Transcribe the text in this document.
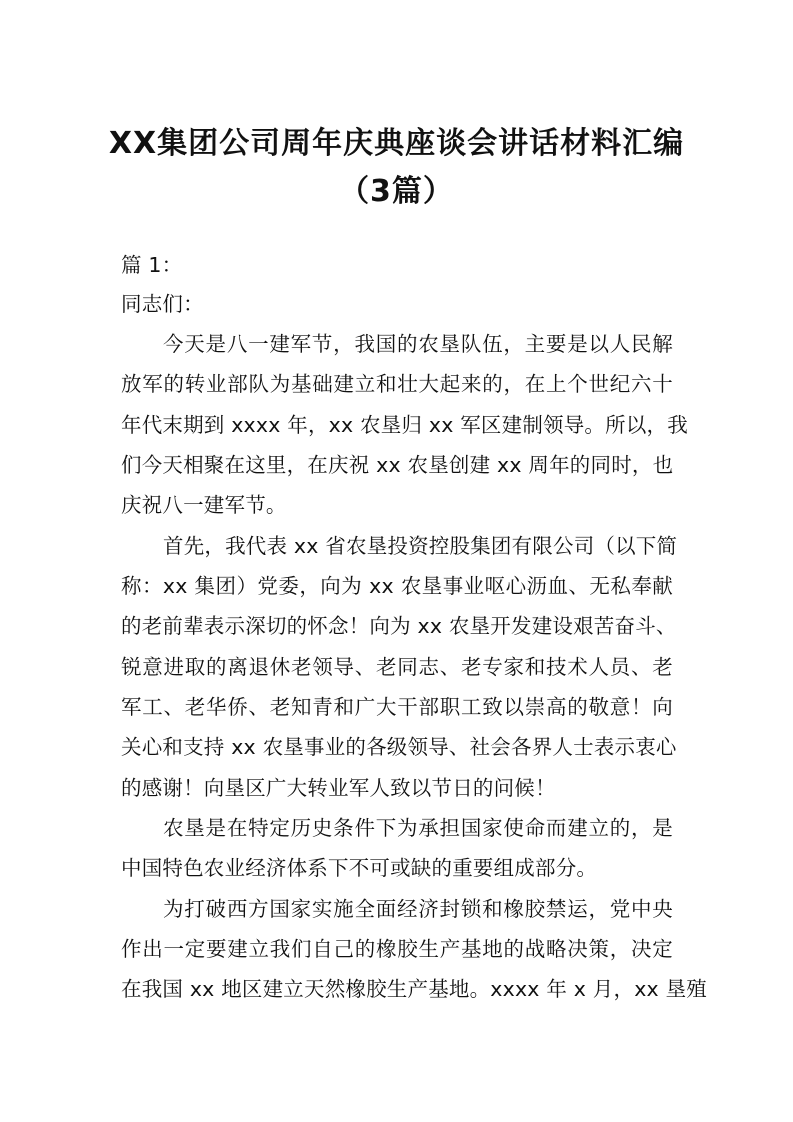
XX集团公司周年庆典座谈会讲话材料汇编
（3篇）
篇 1：
同志们：
今天是八一建军节，我国的农垦队伍，主要是以人民解
放军的转业部队为基础建立和壮大起来的，在上个世纪六十
年代末期到 xxxx 年，xx 农垦归 xx 军区建制领导。所以，我
们今天相聚在这里，在庆祝 xx 农垦创建 xx 周年的同时，也
庆祝八一建军节。
首先，我代表 xx 省农垦投资控股集团有限公司（以下简
称：xx 集团）党委，向为 xx 农垦事业呕心沥血、无私奉献
的老前辈表示深切的怀念！向为 xx 农垦开发建设艰苦奋斗、
锐意进取的离退休老领导、老同志、老专家和技术人员、老
军工、老华侨、老知青和广大干部职工致以崇高的敬意！向
关心和支持 xx 农垦事业的各级领导、社会各界人士表示衷心
的感谢！向垦区广大转业军人致以节日的问候！
农垦是在特定历史条件下为承担国家使命而建立的，是
中国特色农业经济体系下不可或缺的重要组成部分。
为打破西方国家实施全面经济封锁和橡胶禁运，党中央
作出一定要建立我们自己的橡胶生产基地的战略决策，决定
在我国 xx 地区建立天然橡胶生产基地。xxxx 年 x 月，xx 垦殖
